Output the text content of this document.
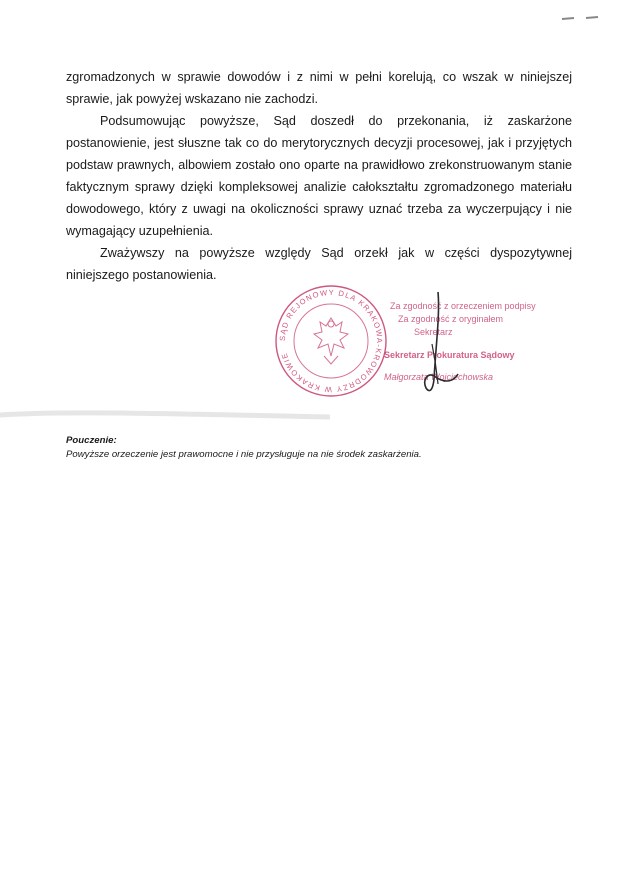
zgromadzonych w sprawie dowodów i z nimi w pełni korelują, co wszak w niniejszej sprawie, jak powyżej wskazano nie zachodzi.
Podsumowując powyższe, Sąd doszedł do przekonania, iż zaskarżone postanowienie, jest słuszne tak co do merytorycznych decyzji procesowej, jak i przyjętych podstaw prawnych, albowiem zostało ono oparte na prawidłowo zrekonstruowanym stanie faktycznym sprawy dzięki kompleksowej analizie całokształtu zgromadzonego materiału dowodowego, który z uwagi na okoliczności sprawy uznać trzeba za wyczerpujący i nie wymagający uzupełnienia.
Zważywszy na powyższe względy Sąd orzekł jak w części dyspozytywnej niniejszego postanowienia.
SĄD REJONOWY DLA KRAKOWA-KROWODRZY W KRAKOWIE
Za zgodność z orzeczeniem podpisy
Za zgodność z oryginałem
Sekretarz
Sekretarz Prokuratura Sądowy
Małgorzata Wojciechowska
Pouczenie:
Powyższe orzeczenie jest prawomocne i nie przysługuje na nie środek zaskarżenia.
